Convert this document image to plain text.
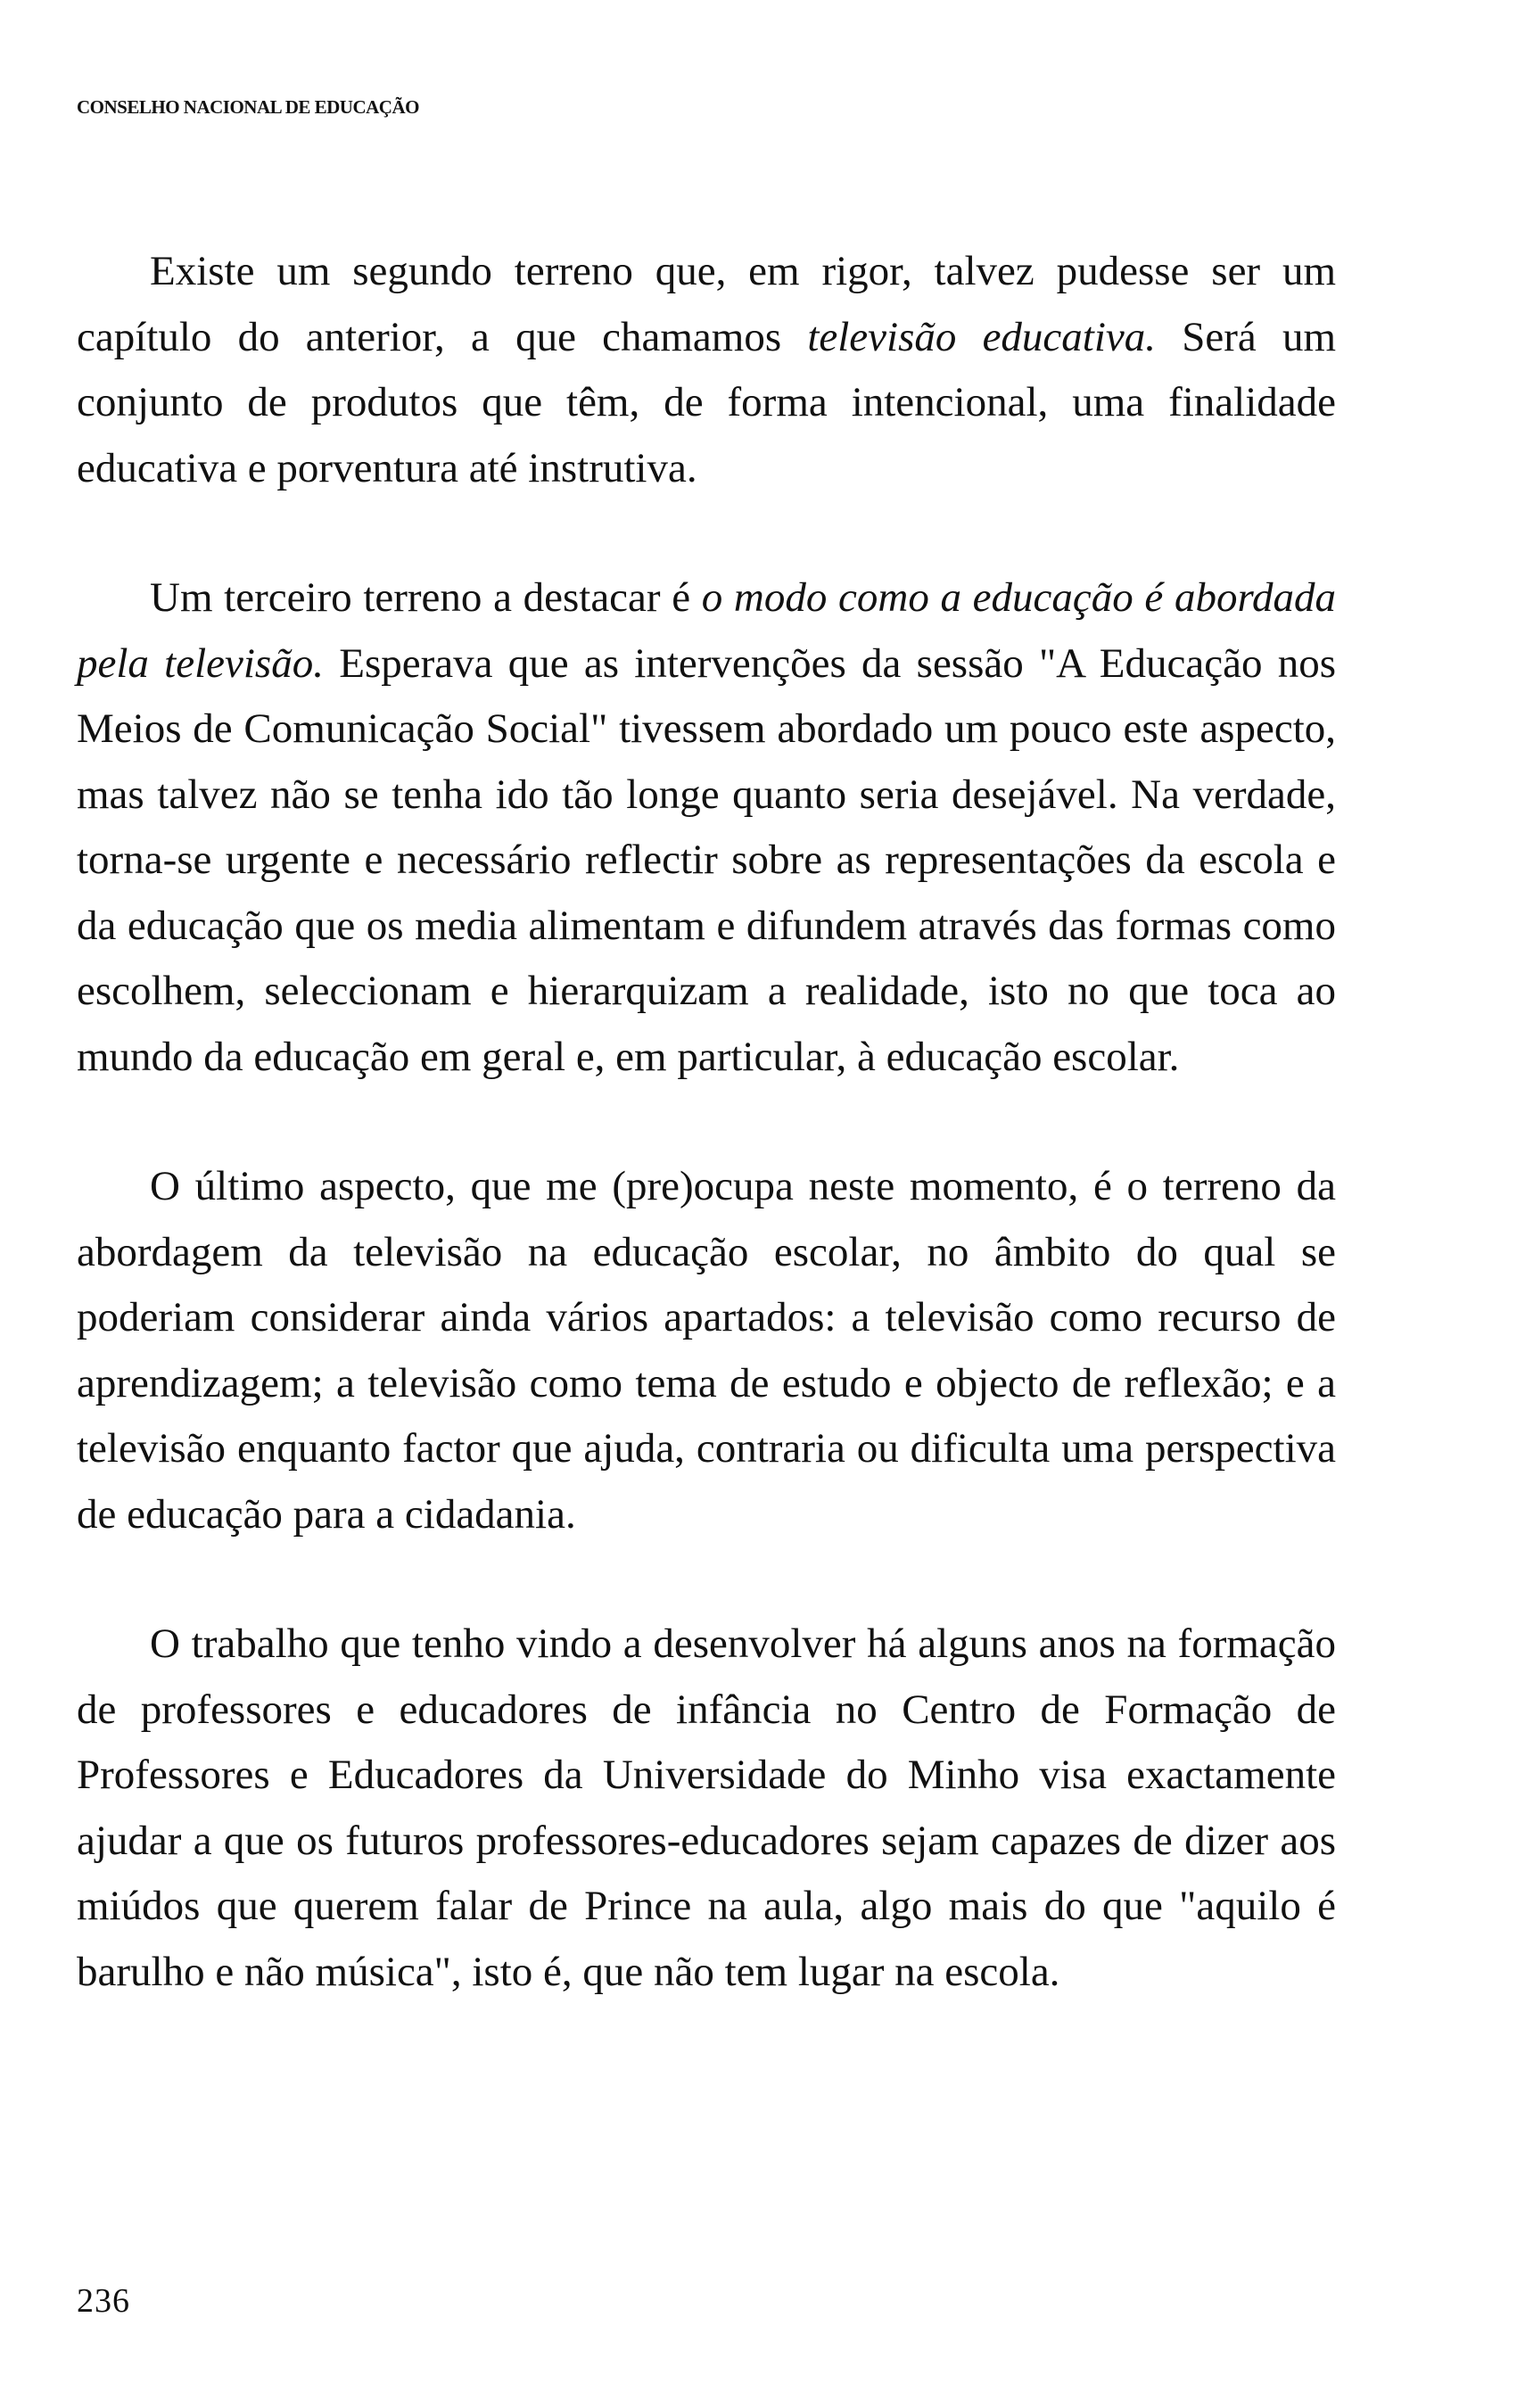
CONSELHO NACIONAL DE EDUCAÇÃO

Existe um segundo terreno que, em rigor, talvez pudesse ser um capítulo do anterior, a que chamamos televisão educativa. Será um conjunto de produtos que têm, de forma intencional, uma finalidade educativa e porventura até instrutiva.

Um terceiro terreno a destacar é o modo como a educação é abordada pela televisão. Esperava que as intervenções da sessão "A Educação nos Meios de Comunicação Social" tivessem abordado um pouco este aspecto, mas talvez não se tenha ido tão longe quanto seria desejável. Na verdade, torna-se urgente e necessário reflectir sobre as representações da escola e da educação que os media alimentam e difundem através das formas como escolhem, seleccionam e hierarquizam a realidade, isto no que toca ao mundo da educação em geral e, em particular, à educação escolar.

O último aspecto, que me (pre)ocupa neste momento, é o terreno da abordagem da televisão na educação escolar, no âmbito do qual se poderiam considerar ainda vários apartados: a televisão como recurso de aprendizagem; a televisão como tema de estudo e objecto de reflexão; e a televisão enquanto factor que ajuda, contraria ou dificulta uma perspectiva de educação para a cidadania.

O trabalho que tenho vindo a desenvolver há alguns anos na formação de professores e educadores de infância no Centro de Formação de Professores e Educadores da Universidade do Minho visa exactamente ajudar a que os futuros professores-educadores sejam capazes de dizer aos miúdos que querem falar de Prince na aula, algo mais do que "aquilo é barulho e não música", isto é, que não tem lugar na escola.

236
